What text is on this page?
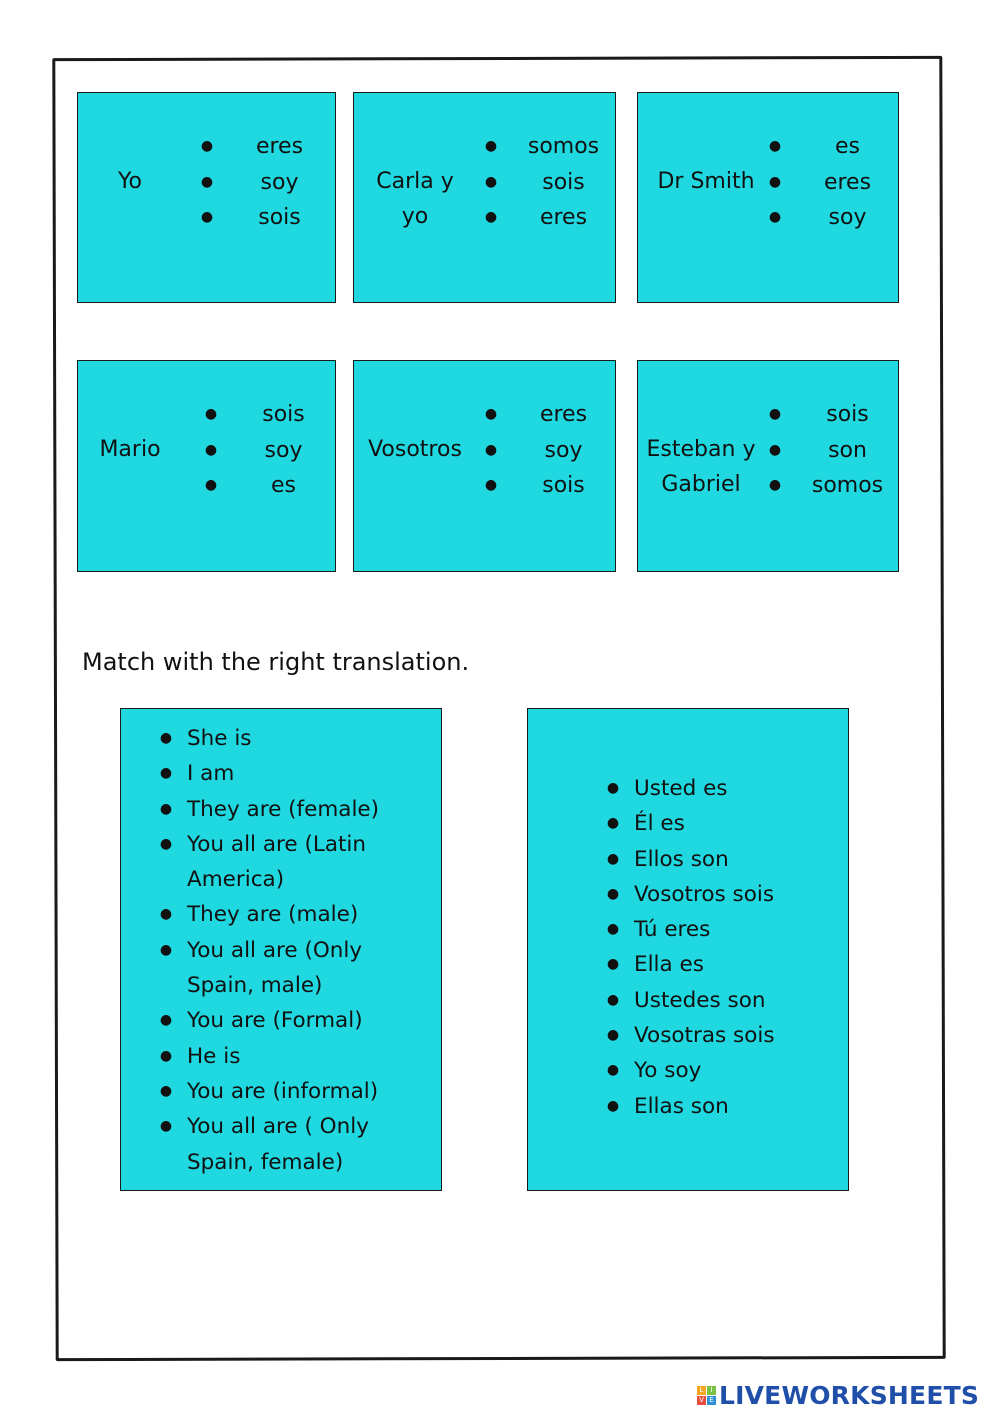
Yo
●	eres
●	soy
●	sois
Carla y
yo
●	somos
●	sois
●	eres
Dr Smith
●	es
●	eres
●	soy
Mario
●	sois
●	soy
●	es
Vosotros
●	eres
●	soy
●	sois
Esteban y
Gabriel
●	sois
●	son
●	somos
Match with the right translation.
● She is
● I am
● They are (female)
● You all are (Latin America)
● They are (male)
● You all are (Only Spain, male)
● You are (Formal)
● He is
● You are (informal)
● You all are ( Only Spain, female)
● Usted es
● Él es
● Ellos son
● Vosotros sois
● Tú eres
● Ella es
● Ustedes son
● Vosotras sois
● Yo soy
● Ellas son
L	I
V E LIVEWORKSHEETS
